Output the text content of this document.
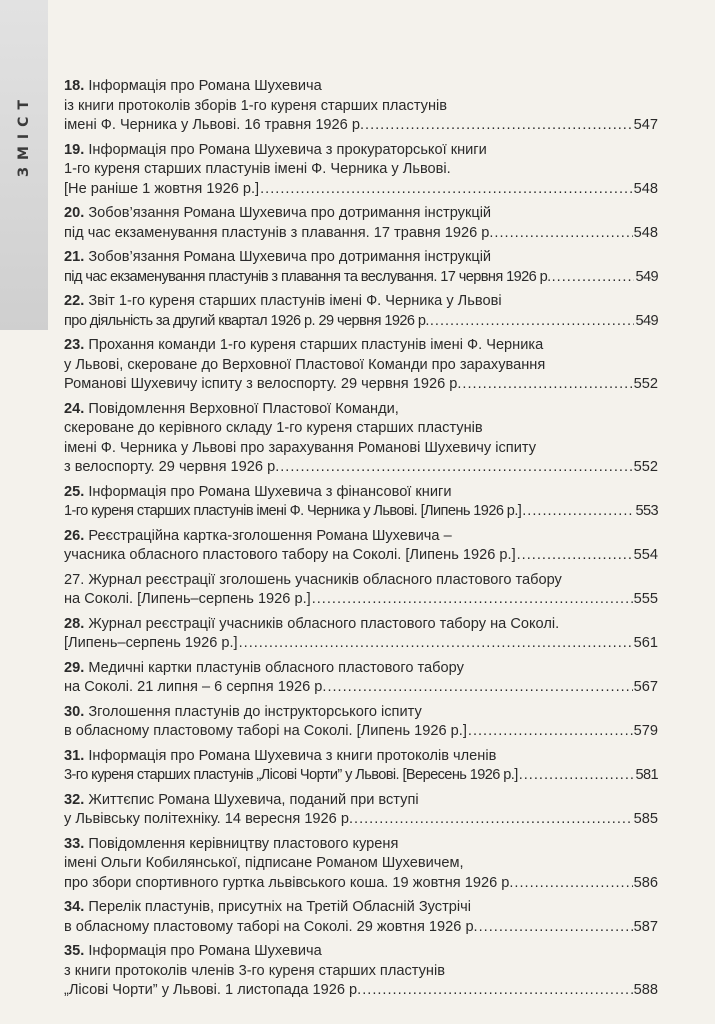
ЗМІСТ
18. Інформація про Романа Шухевича
із книги протоколів зборів 1-го куреня старших пластунів
імені Ф. Черника у Львові. 16 травня 1926 р. .....	547
19. Інформація про Романа Шухевича з прокураторської книги
1-го куреня старших пластунів імені Ф. Черника у Львові.
[Не раніше 1 жовтня 1926 р.] .....	548
20. Зобов’язання Романа Шухевича про дотримання інструкцій
під час екзаменування пластунів з плавання. 17 травня 1926 р. .....	548
21. Зобов’язання Романа Шухевича про дотримання інструкцій
під час екзаменування пластунів з плавання та веслування. 17 червня 1926 р. .....	549
22. Звіт 1-го куреня старших пластунів імені Ф. Черника у Львові
про діяльність за другий квартал 1926 р. 29 червня 1926 р. .....	549
23. Прохання команди 1-го куреня старших пластунів імені Ф. Черника
у Львові, скероване до Верховної Пластової Команди про зарахування
Романові Шухевичу іспиту з велоспорту. 29 червня 1926 р. .....	552
24. Повідомлення Верховної Пластової Команди,
скероване до керівного складу 1-го куреня старших пластунів
імені Ф. Черника у Львові про зарахування Романові Шухевичу іспиту
з велоспорту. 29 червня 1926 р. .....	552
25. Інформація про Романа Шухевича з фінансової книги
1-го куреня старших пластунів імені Ф. Черника у Львові. [Липень 1926 р.] .....	553
26. Реєстраційна картка-зголошення Романа Шухевича –
учасника обласного пластового табору на Соколі. [Липень 1926 р.] .....	554
27. Журнал реєстрації зголошень учасників обласного пластового табору
на Соколі. [Липень–серпень 1926 р.] .....	555
28. Журнал реєстрації учасників обласного пластового табору на Соколі.
[Липень–серпень 1926 р.] .....	561
29. Медичні картки пластунів обласного пластового табору
на Соколі. 21 липня – 6 серпня 1926 р. .....	567
30. Зголошення пластунів до інструкторського іспиту
в обласному пластовому таборі на Соколі. [Липень 1926 р.] .....	579
31. Інформація про Романа Шухевича з книги протоколів членів
3-го куреня старших пластунів „Лісові Чорти” у Львові. [Вересень 1926 р.] .....	581
32. Життєпис Романа Шухевича, поданий при вступі
у Львівську політехніку. 14 вересня 1926 р. .....	585
33. Повідомлення керівництву пластового куреня
імені Ольги Кобилянської, підписане Романом Шухевичем,
про збори спортивного гуртка львівського коша. 19 жовтня 1926 р. .....	586
34. Перелік пластунів, присутніх на Третій Обласній Зустрічі
в обласному пластовому таборі на Соколі. 29 жовтня 1926 р. .....	587
35. Інформація про Романа Шухевича
з книги протоколів членів 3-го куреня старших пластунів
„Лісові Чорти” у Львові. 1 листопада 1926 р. .....	588
